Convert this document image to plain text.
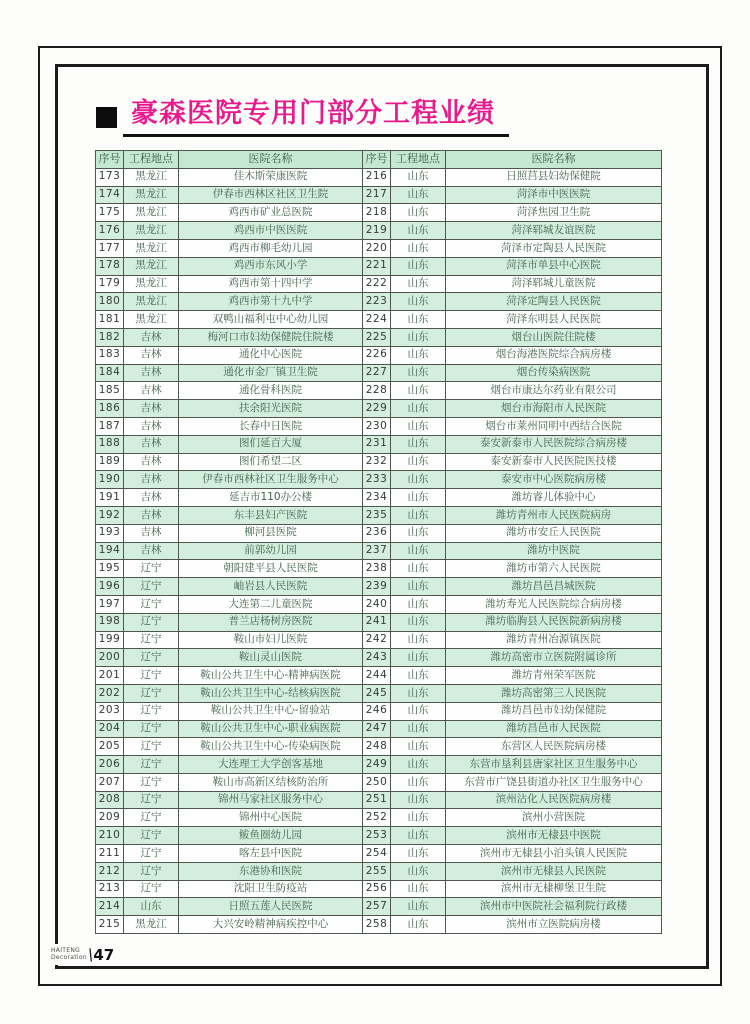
豪森医院专用门部分工程业绩
序号	工程地点	医院名称	序号	工程地点	医院名称
173	黑龙江	佳木斯荣康医院	216	山东	日照莒县妇幼保健院
174	黑龙江	伊春市西林区社区卫生院	217	山东	菏泽市中医医院
175	黑龙江	鸡西市矿业总医院	218	山东	菏泽焦园卫生院
176	黑龙江	鸡西市中医医院	219	山东	菏泽郓城友谊医院
177	黑龙江	鸡西市柳毛幼儿园	220	山东	菏泽市定陶县人民医院
178	黑龙江	鸡西市东风小学	221	山东	菏泽市单县中心医院
179	黑龙江	鸡西市第十四中学	222	山东	菏泽郓城儿童医院
180	黑龙江	鸡西市第十九中学	223	山东	菏泽定陶县人民医院
181	黑龙江	双鸭山福利屯中心幼儿园	224	山东	菏泽东明县人民医院
182	吉林	梅河口市妇幼保健院住院楼	225	山东	烟台山医院住院楼
183	吉林	通化中心医院	226	山东	烟台海港医院综合病房楼
184	吉林	通化市金厂镇卫生院	227	山东	烟台传染病医院
185	吉林	通化骨科医院	228	山东	烟台市康达尔药业有限公司
186	吉林	扶余阳光医院	229	山东	烟台市海阳市人民医院
187	吉林	长春中日医院	230	山东	烟台市莱州同明中西结合医院
188	吉林	图们延百大厦	231	山东	泰安新泰市人民医院综合病房楼
189	吉林	图们希望二区	232	山东	泰安新泰市人民医院医技楼
190	吉林	伊春市西林社区卫生服务中心	233	山东	泰安市中心医院病房楼
191	吉林	延吉市110办公楼	234	山东	潍坊睿儿体验中心
192	吉林	东丰县妇产医院	235	山东	潍坊青州市人民医院病房
193	吉林	柳河县医院	236	山东	潍坊市安丘人民医院
194	吉林	前郭幼儿园	237	山东	潍坊中医院
195	辽宁	朝阳建平县人民医院	238	山东	潍坊市第六人民医院
196	辽宁	岫岩县人民医院	239	山东	潍坊昌邑昌城医院
197	辽宁	大连第二儿童医院	240	山东	潍坊寿光人民医院综合病房楼
198	辽宁	普兰店杨树房医院	241	山东	潍坊临朐县人民医院新病房楼
199	辽宁	鞍山市妇儿医院	242	山东	潍坊青州冶源镇医院
200	辽宁	鞍山灵山医院	243	山东	潍坊高密市立医院附属诊所
201	辽宁	鞍山公共卫生中心-精神病医院	244	山东	潍坊青州荣军医院
202	辽宁	鞍山公共卫生中心-结核病医院	245	山东	潍坊高密第三人民医院
203	辽宁	鞍山公共卫生中心-留验站	246	山东	潍坊昌邑市妇幼保健院
204	辽宁	鞍山公共卫生中心-职业病医院	247	山东	潍坊昌邑市人民医院
205	辽宁	鞍山公共卫生中心-传染病医院	248	山东	东营区人民医院病房楼
206	辽宁	大连理工大学创客基地	249	山东	东营市垦利县唐家社区卫生服务中心
207	辽宁	鞍山市高新区结核防治所	250	山东	东营市广饶县街道办社区卫生服务中心
208	辽宁	锦州马家社区服务中心	251	山东	滨州沾化人民医院病房楼
209	辽宁	锦州中心医院	252	山东	滨州小营医院
210	辽宁	鲅鱼圈幼儿园	253	山东	滨州市无棣县中医院
211	辽宁	喀左县中医院	254	山东	滨州市无棣县小泊头镇人民医院
212	辽宁	东港协和医院	255	山东	滨州市无棣县人民医院
213	辽宁	沈阳卫生防疫站	256	山东	滨州市无棣柳堡卫生院
214	山东	日照五莲人民医院	257	山东	滨州市中医院社会福利院行政楼
215	黑龙江	大兴安岭精神病疾控中心	258	山东	滨州市立医院病房楼
HAITENG
Decoration
\
47
